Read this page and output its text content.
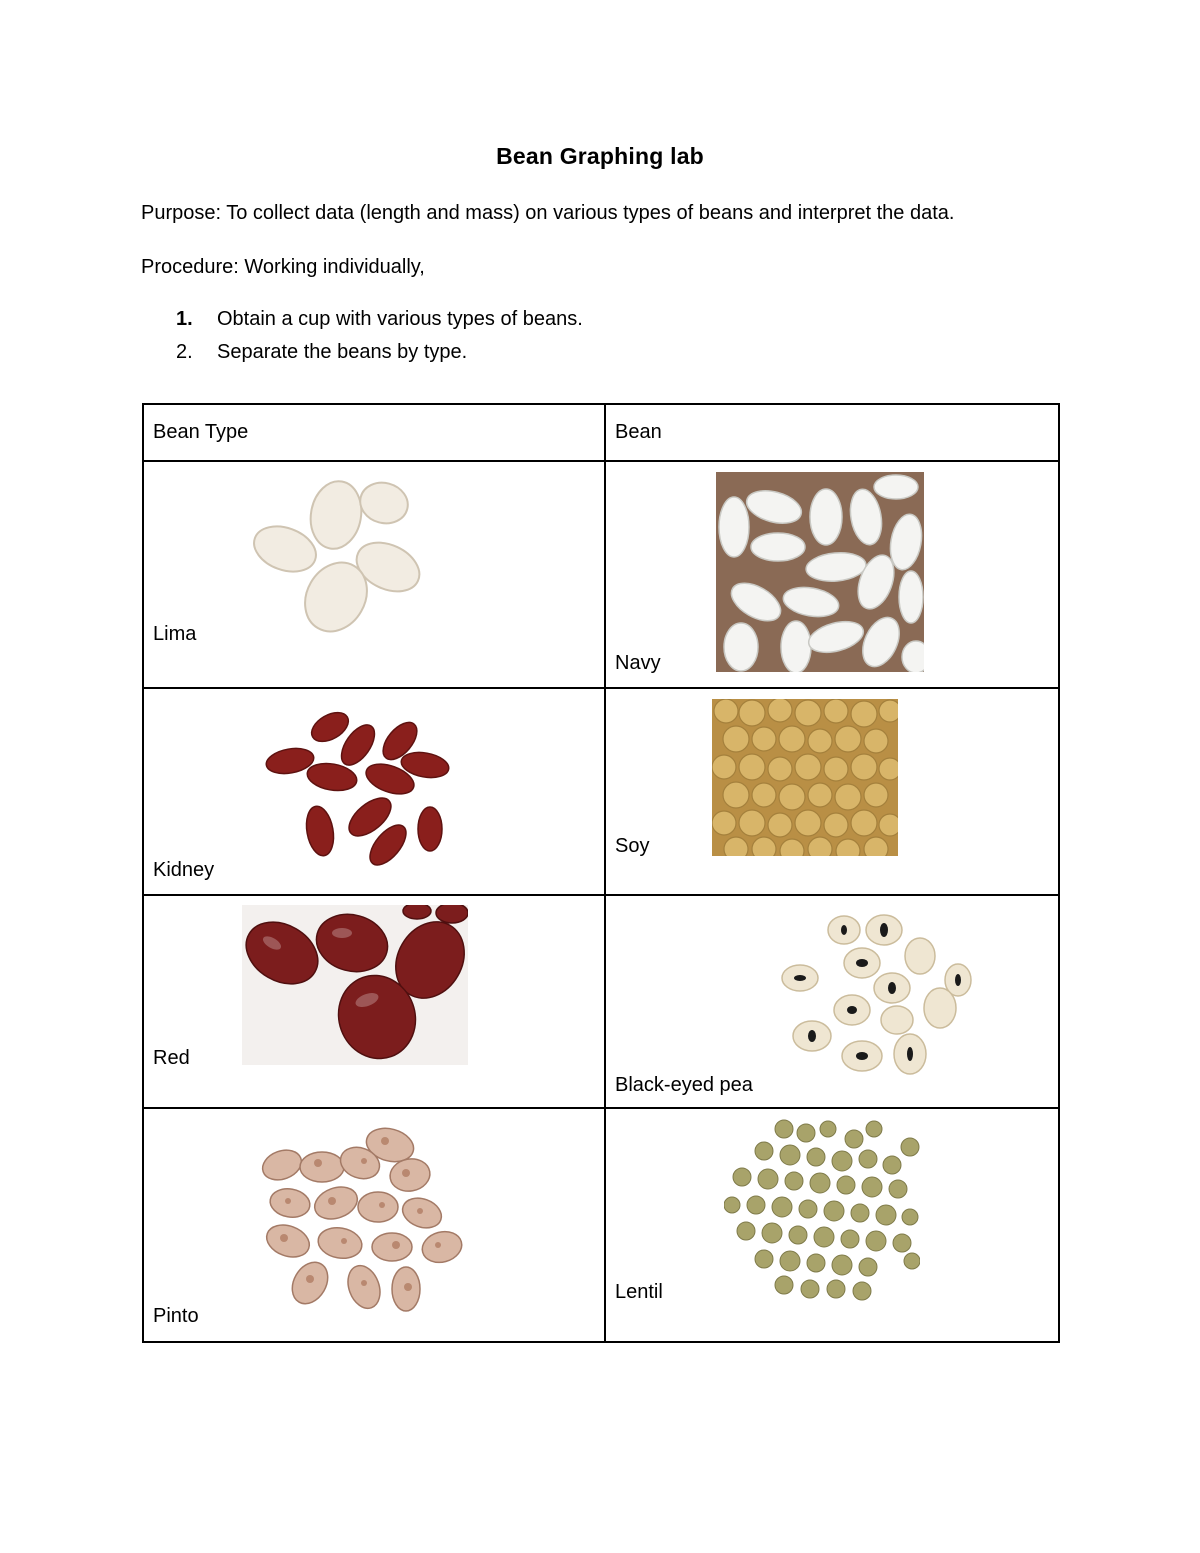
Bean Graphing lab
Purpose: To collect data (length and mass) on various types of beans and interpret the data.
Procedure: Working individually,
1.	Obtain a cup with various types of beans.
2.	Separate the beans by type.
Bean Type	Bean

Lima	Navy

Kidney	Soy

Red	Black-eyed pea

Pinto	Lentil
